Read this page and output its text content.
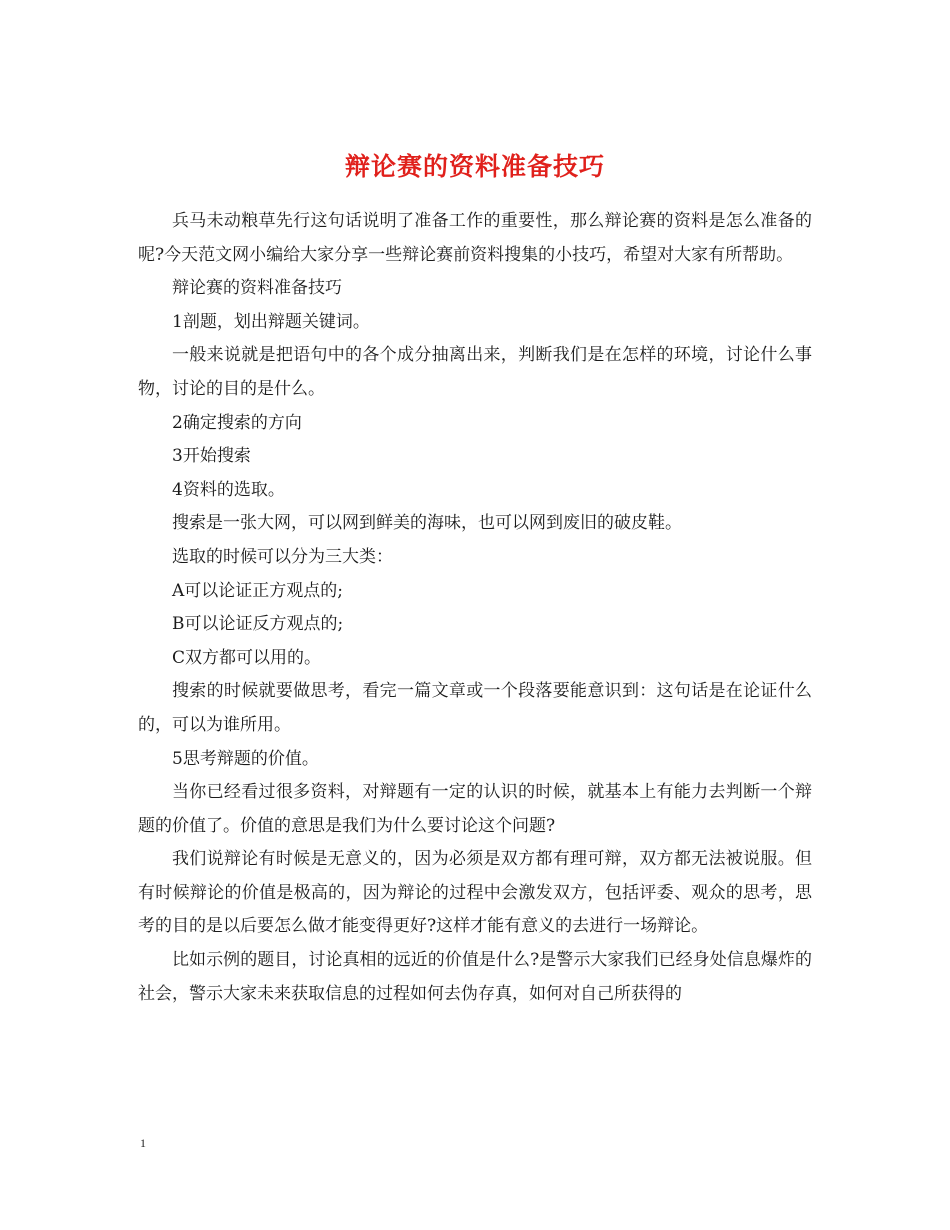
辩论赛的资料准备技巧

兵马未动粮草先行这句话说明了准备工作的重要性，那么辩论赛的资料是怎么准备的呢?今天范文网小编给大家分享一些辩论赛前资料搜集的小技巧，希望对大家有所帮助。

辩论赛的资料准备技巧

1剖题，划出辩题关键词。

一般来说就是把语句中的各个成分抽离出来，判断我们是在怎样的环境，讨论什么事物，讨论的目的是什么。

2确定搜索的方向

3开始搜索

4资料的选取。

搜索是一张大网，可以网到鲜美的海味，也可以网到废旧的破皮鞋。

选取的时候可以分为三大类：

A可以论证正方观点的;

B可以论证反方观点的;

C双方都可以用的。

搜索的时候就要做思考，看完一篇文章或一个段落要能意识到：这句话是在论证什么的，可以为谁所用。

5思考辩题的价值。

当你已经看过很多资料，对辩题有一定的认识的时候，就基本上有能力去判断一个辩题的价值了。价值的意思是我们为什么要讨论这个问题?

我们说辩论有时候是无意义的，因为必须是双方都有理可辩，双方都无法被说服。但有时候辩论的价值是极高的，因为辩论的过程中会激发双方，包括评委、观众的思考，思考的目的是以后要怎么做才能变得更好?这样才能有意义的去进行一场辩论。

比如示例的题目，讨论真相的远近的价值是什么?是警示大家我们已经身处信息爆炸的社会，警示大家未来获取信息的过程如何去伪存真，如何对自己所获得的

1
